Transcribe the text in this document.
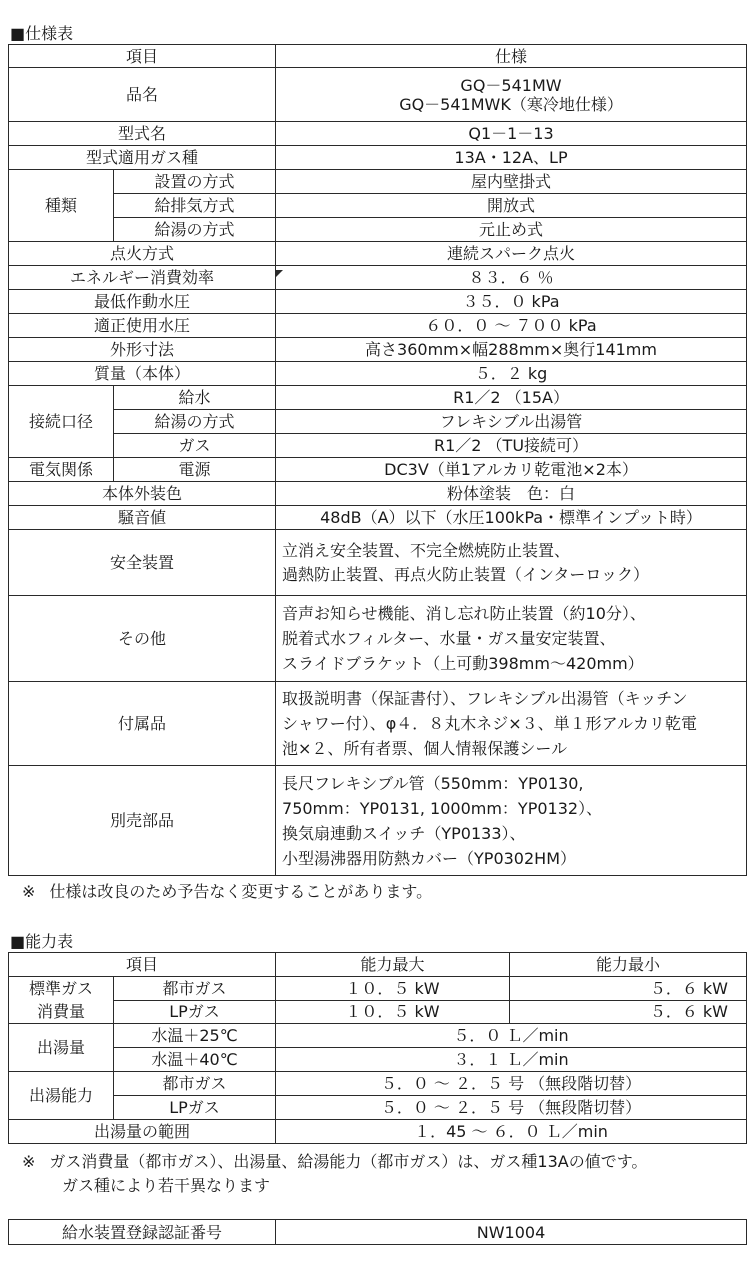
■仕様表
項目		仕様
品名		GQ－541MW
GQ－541MWK（寒冷地仕様）

型式名		Q1－1－13
型式適用ガス種		13A・12A、LP
種類	設置の方式	屋内壁掛式
	給排気方式	開放式
	給湯の方式	元止め式
点火方式		連続スパーク点火
エネルギー消費効率		８３．６ ％
最低作動水圧		３５．０ kPa
適正使用水圧		６０．０ ～ ７００ kPa
外形寸法		高さ360mm×幅288mm×奥行141mm
質量（本体）		５．２ kg
接続口径	給水	R1／2 （15A）
	給湯の方式	フレキシブル出湯管
	ガス	R1／2 （TU接続可）
電気関係	電源	DC3V（単1アルカリ乾電池×2本）
本体外装色		粉体塗装　色：白
騒音値		48dB（A）以下（水圧100kPa・標準インプット時）
安全装置		立消え安全装置、不完全燃焼防止装置、
過熱防止装置、再点火防止装置（インターロック）

その他		音声お知らせ機能、消し忘れ防止装置（約10分）、
脱着式水フィルター、水量・ガス量安定装置、
スライドブラケット（上可動398mm～420mm）

付属品		取扱説明書（保証書付）、フレキシブル出湯管（キッチン
シャワー付）、φ４．８丸木ネジ×３、単１形アルカリ乾電
池×２、所有者票、個人情報保護シール

別売部品		長尺フレキシブル管（550mm：YP0130,
750mm：YP0131, 1000mm：YP0132）、
換気扇連動スイッチ（YP0133）、
小型湯沸器用防熱カバー（YP0302HM）
※ 仕様は改良のため予告なく変更することがあります。
■能力表
項目		能力最大	能力最小

標準ガス
消費量	都市ガス	１０．５ kW	５．６ kW
	LPガス	１０．５ kW	５．６ kW
出湯量	水温＋25℃	５．０ Ｌ／min	
	水温＋40℃	３．１ Ｌ／min	
出湯能力	都市ガス	５．０ ～ ２．５ 号 （無段階切替）	
	LPガス	５．０ ～ ２．５ 号 （無段階切替）	
出湯量の範囲		１．45 ～ ６．０ Ｌ／min	
※ ガス消費量（都市ガス）、出湯量、給湯能力（都市ガス）は、ガス種13Aの値です。
ガス種により若干異なります
給水装置登録認証番号	NW1004
